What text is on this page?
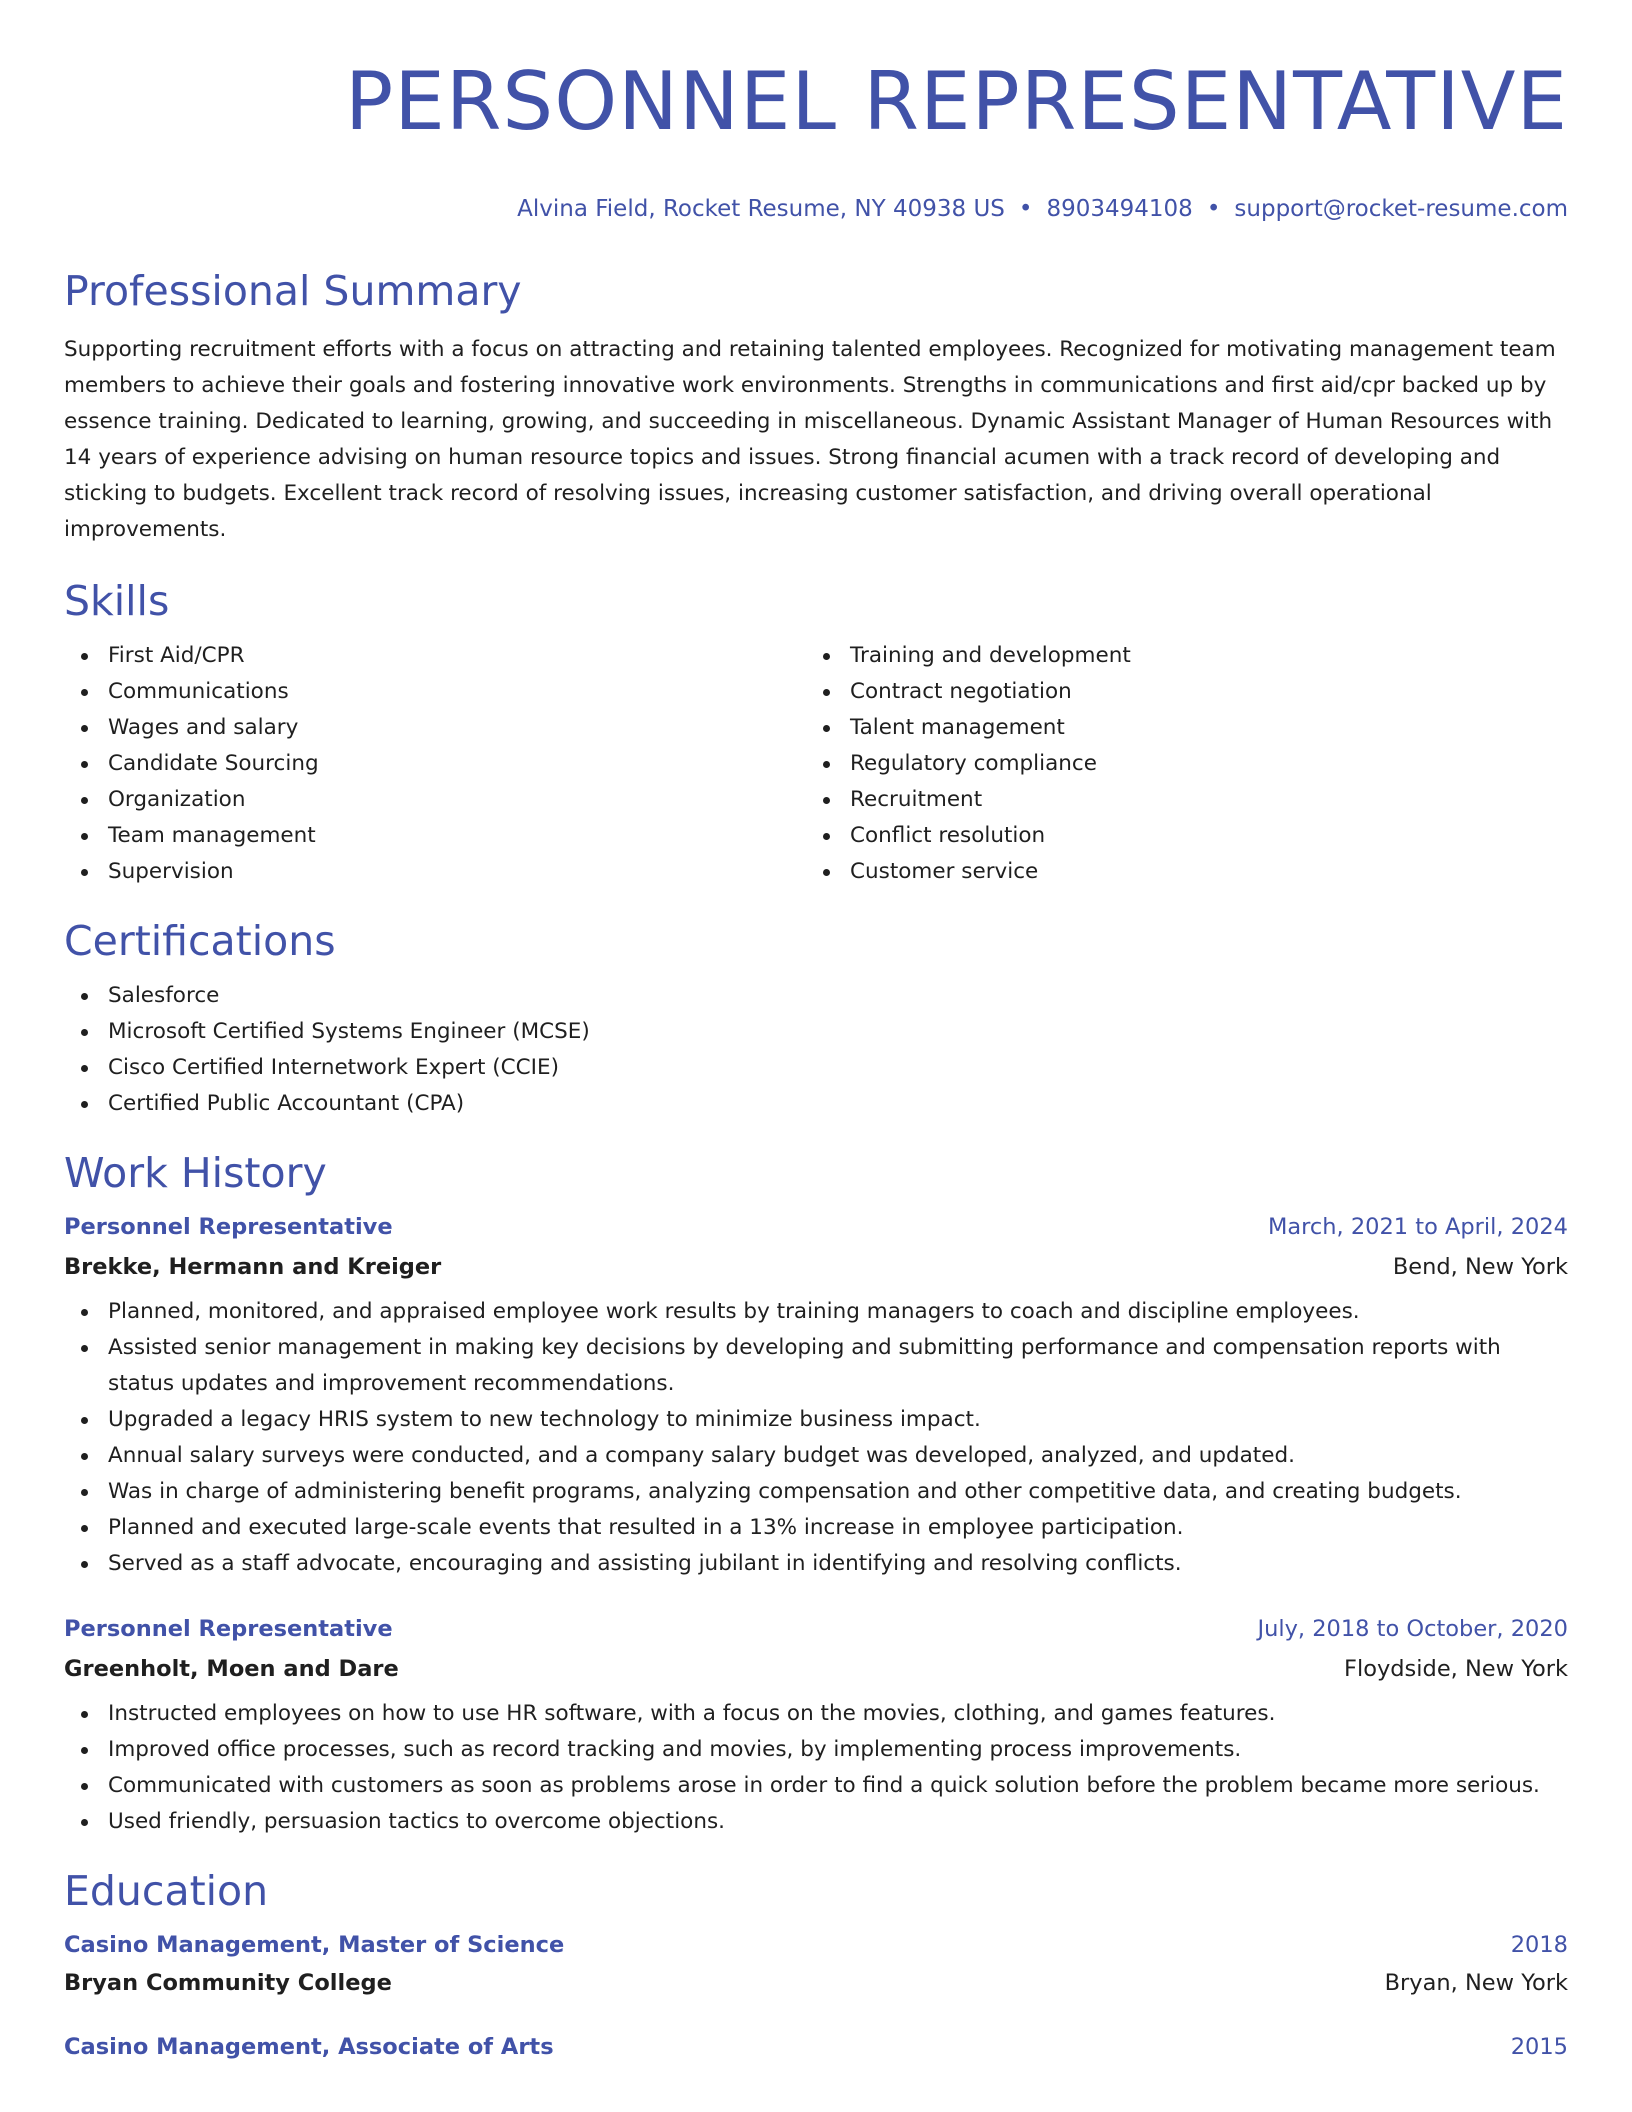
PERSONNEL REPRESENTATIVE
Alvina Field, Rocket Resume, NY 40938 US • 8903494108 • support@rocket-resume.com
Professional Summary

Supporting recruitment efforts with a focus on attracting and retaining talented employees. Recognized for motivating management team members to achieve their goals and fostering innovative work environments. Strengths in communications and first aid/cpr backed up by essence training. Dedicated to learning, growing, and succeeding in miscellaneous. Dynamic Assistant Manager of Human Resources with 14 years of experience advising on human resource topics and issues. Strong financial acumen with a track record of developing and sticking to budgets. Excellent track record of resolving issues, increasing customer satisfaction, and driving overall operational improvements.

Skills
First Aid/CPR
Communications
Wages and salary
Candidate Sourcing
Organization
Team management
Supervision
Training and development
Contract negotiation
Talent management
Regulatory compliance
Recruitment
Conflict resolution
Customer service
Certifications
Salesforce
Microsoft Certified Systems Engineer (MCSE)
Cisco Certified Internetwork Expert (CCIE)
Certified Public Accountant (CPA)
Work History
Personnel Representative	March, 2021 to April, 2024
Brekke, Hermann and Kreiger	Bend, New York
Planned, monitored, and appraised employee work results by training managers to coach and discipline employees.
Assisted senior management in making key decisions by developing and submitting performance and compensation reports with status updates and improvement recommendations.
Upgraded a legacy HRIS system to new technology to minimize business impact.
Annual salary surveys were conducted, and a company salary budget was developed, analyzed, and updated.
Was in charge of administering benefit programs, analyzing compensation and other competitive data, and creating budgets.
Planned and executed large-scale events that resulted in a 13% increase in employee participation.
Served as a staff advocate, encouraging and assisting jubilant in identifying and resolving conflicts.
Personnel Representative	July, 2018 to October, 2020
Greenholt, Moen and Dare	Floydside, New York
Instructed employees on how to use HR software, with a focus on the movies, clothing, and games features.
Improved office processes, such as record tracking and movies, by implementing process improvements.
Communicated with customers as soon as problems arose in order to find a quick solution before the problem became more serious.
Used friendly, persuasion tactics to overcome objections.
Education
Casino Management, Master of Science	2018
Bryan Community College	Bryan, New York
Casino Management, Associate of Arts	2015
